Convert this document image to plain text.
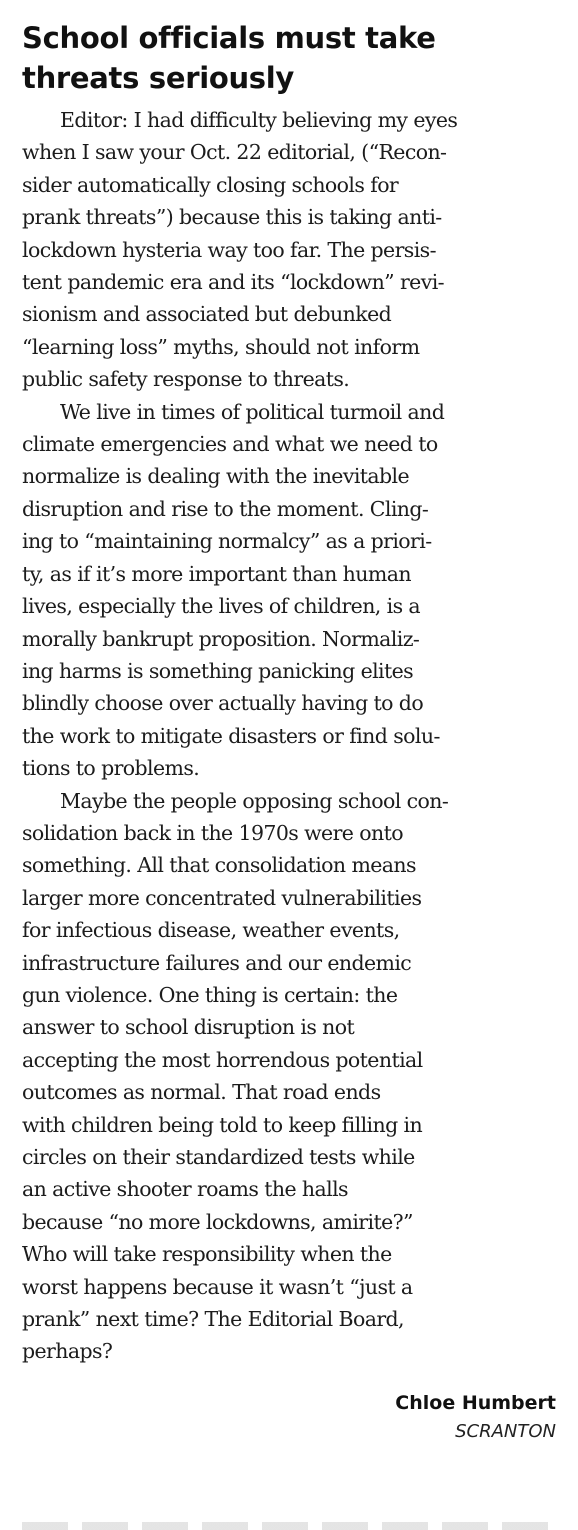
School officials must take threats seriously

Editor: I had difficulty believing my eyes
when I saw your Oct. 22 editorial, (“Recon-
sider automatically closing schools for
prank threats”) because this is taking anti-
lockdown hysteria way too far. The persis-
tent pandemic era and its “lockdown” revi-
sionism and associated but debunked
“learning loss” myths, should not inform
public safety response to threats.

We live in times of political turmoil and
climate emergencies and what we need to
normalize is dealing with the inevitable
disruption and rise to the moment. Cling-
ing to “maintaining normalcy” as a priori-
ty, as if it’s more important than human
lives, especially the lives of children, is a
morally bankrupt proposition. Normaliz-
ing harms is something panicking elites
blindly choose over actually having to do
the work to mitigate disasters or find solu-
tions to problems.

Maybe the people opposing school con-
solidation back in the 1970s were onto
something. All that consolidation means
larger more concentrated vulnerabilities
for infectious disease, weather events,
infrastructure failures and our endemic
gun violence. One thing is certain: the
answer to school disruption is not
accepting the most horrendous potential
outcomes as normal. That road ends
with children being told to keep filling in
circles on their standardized tests while
an active shooter roams the halls
because “no more lockdowns, amirite?”
Who will take responsibility when the
worst happens because it wasn’t “just a
prank” next time? The Editorial Board,
perhaps?

Chloe Humbert
SCRANTON
